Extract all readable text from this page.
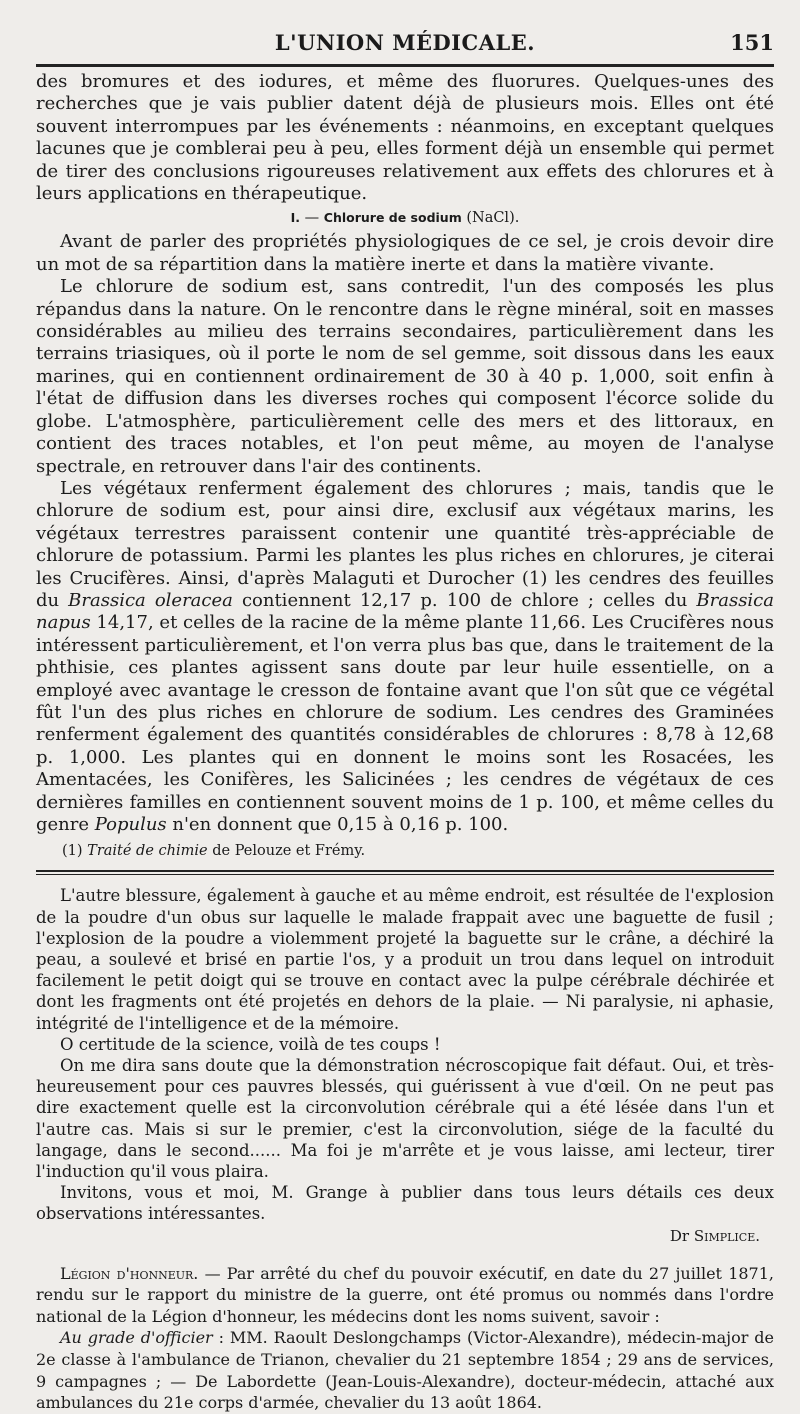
L'UNION MÉDICALE.	151

des bromures et des iodures, et même des fluorures. Quelques-unes des recherches que je vais publier datent déjà de plusieurs mois. Elles ont été souvent interrompues par les événements : néanmoins, en exceptant quelques lacunes que je comblerai peu à peu, elles forment déjà un ensemble qui permet de tirer des conclusions rigoureuses relativement aux effets des chlorures et à leurs applications en thérapeutique.

I. — Chlorure de sodium (NaCl).

Avant de parler des propriétés physiologiques de ce sel, je crois devoir dire un mot de sa répartition dans la matière inerte et dans la matière vivante.

Le chlorure de sodium est, sans contredit, l'un des composés les plus répandus dans la nature. On le rencontre dans le règne minéral, soit en masses considérables au milieu des terrains secondaires, particulièrement dans les terrains triasiques, où il porte le nom de sel gemme, soit dissous dans les eaux marines, qui en contiennent ordinairement de 30 à 40 p. 1,000, soit enfin à l'état de diffusion dans les diverses roches qui composent l'écorce solide du globe. L'atmosphère, particulièrement celle des mers et des littoraux, en contient des traces notables, et l'on peut même, au moyen de l'analyse spectrale, en retrouver dans l'air des continents.

Les végétaux renferment également des chlorures ; mais, tandis que le chlorure de sodium est, pour ainsi dire, exclusif aux végétaux marins, les végétaux terrestres paraissent contenir une quantité très-appréciable de chlorure de potassium. Parmi les plantes les plus riches en chlorures, je citerai les Crucifères. Ainsi, d'après Malaguti et Durocher (1) les cendres des feuilles du Brassica oleracea contiennent 12,17 p. 100 de chlore ; celles du Brassica napus 14,17, et celles de la racine de la même plante 11,66. Les Crucifères nous intéressent particulièrement, et l'on verra plus bas que, dans le traitement de la phthisie, ces plantes agissent sans doute par leur huile essentielle, on a employé avec avantage le cresson de fontaine avant que l'on sût que ce végétal fût l'un des plus riches en chlorure de sodium. Les cendres des Graminées renferment également des quantités considérables de chlorures : 8,78 à 12,68 p. 1,000. Les plantes qui en donnent le moins sont les Rosacées, les Amentacées, les Conifères, les Salicinées ; les cendres de végétaux de ces dernières familles en contiennent souvent moins de 1 p. 100, et même celles du genre Populus n'en donnent que 0,15 à 0,16 p. 100.

(1) Traité de chimie de Pelouze et Frémy.

L'autre blessure, également à gauche et au même endroit, est résultée de l'explosion de la poudre d'un obus sur laquelle le malade frappait avec une baguette de fusil ; l'explosion de la poudre a violemment projeté la baguette sur le crâne, a déchiré la peau, a soulevé et brisé en partie l'os, y a produit un trou dans lequel on introduit facilement le petit doigt qui se trouve en contact avec la pulpe cérébrale déchirée et dont les fragments ont été projetés en dehors de la plaie. — Ni paralysie, ni aphasie, intégrité de l'intelligence et de la mémoire.

O certitude de la science, voilà de tes coups !

On me dira sans doute que la démonstration nécroscopique fait défaut. Oui, et très-heureusement pour ces pauvres blessés, qui guérissent à vue d'œil. On ne peut pas dire exactement quelle est la circonvolution cérébrale qui a été lésée dans l'un et l'autre cas. Mais si sur le premier, c'est la circonvolution, siége de la faculté du langage, dans le second...... Ma foi je m'arrête et je vous laisse, ami lecteur, tirer l'induction qu'il vous plaira.

Invitons, vous et moi, M. Grange à publier dans tous leurs détails ces deux observations intéressantes.

Dr Simplice.

Légion d'honneur. — Par arrêté du chef du pouvoir exécutif, en date du 27 juillet 1871, rendu sur le rapport du ministre de la guerre, ont été promus ou nommés dans l'ordre national de la Légion d'honneur, les médecins dont les noms suivent, savoir :

Au grade d'officier : MM. Raoult Deslongchamps (Victor-Alexandre), médecin-major de 2e classe à l'ambulance de Trianon, chevalier du 21 septembre 1854 ; 29 ans de services, 9 campagnes ; — De Labordette (Jean-Louis-Alexandre), docteur-médecin, attaché aux ambulances du 21e corps d'armée, chevalier du 13 août 1864.
